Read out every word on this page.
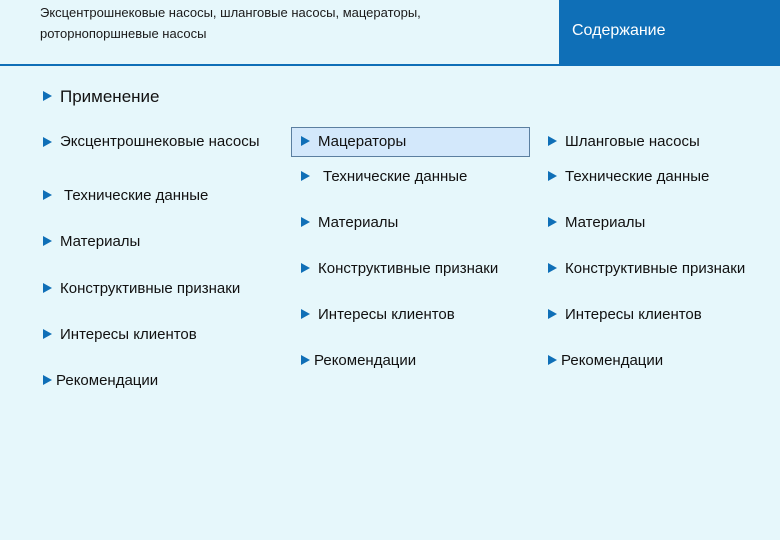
Эксцентрошнековые насосы, шланговые насосы, мацераторы, роторнопоршневые насосы	Содержание
Применение
Эксцентрошнековые насосы
Технические данные
Материалы
Конструктивные признаки
Интересы клиентов
Рекомендации
Мацераторы
Технические данные
Материалы
Конструктивные признаки
Интересы клиентов
Рекомендации
Шланговые насосы
Технические данные
Материалы
Конструктивные признаки
Интересы клиентов
Рекомендации
